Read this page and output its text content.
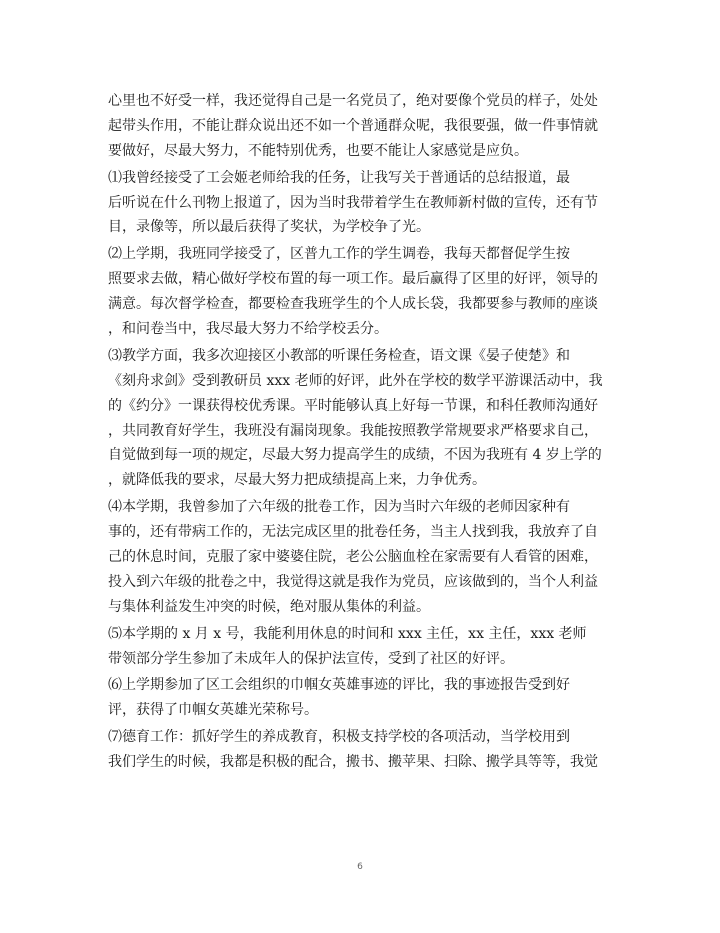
心里也不好受一样，我还觉得自己是一名党员了，绝对要像个党员的样子，处处
起带头作用，不能让群众说出还不如一个普通群众呢，我很要强，做一件事情就
要做好，尽最大努力，不能特别优秀，也要不能让人家感觉是应负。
⑴我曾经接受了工会姬老师给我的任务，让我写关于普通话的总结报道，最
后听说在什么刊物上报道了，因为当时我带着学生在教师新村做的宣传，还有节
目，录像等，所以最后获得了奖状，为学校争了光。
⑵上学期，我班同学接受了，区普九工作的学生调卷，我每天都督促学生按
照要求去做，精心做好学校布置的每一项工作。最后赢得了区里的好评，领导的
满意。每次督学检查，都要检查我班学生的个人成长袋，我都要参与教师的座谈
，和问卷当中，我尽最大努力不给学校丢分。
⑶教学方面，我多次迎接区小教部的听课任务检查，语文课《晏子使楚》和
《刻舟求剑》受到教研员 xxx 老师的好评，此外在学校的数学平游课活动中，我
的《约分》一课获得校优秀课。平时能够认真上好每一节课，和科任教师沟通好
，共同教育好学生，我班没有漏岗现象。我能按照教学常规要求严格要求自己，
自觉做到每一项的规定，尽最大努力提高学生的成绩，不因为我班有 4 岁上学的
，就降低我的要求，尽最大努力把成绩提高上来，力争优秀。
⑷本学期，我曾参加了六年级的批卷工作，因为当时六年级的老师因家种有
事的，还有带病工作的，无法完成区里的批卷任务，当主人找到我，我放弃了自
己的休息时间，克服了家中婆婆住院，老公公脑血栓在家需要有人看管的困难，
投入到六年级的批卷之中，我觉得这就是我作为党员，应该做到的，当个人利益
与集体利益发生冲突的时候，绝对服从集体的利益。
⑸本学期的 x 月 x 号，我能利用休息的时间和 xxx 主任，xx 主任，xxx 老师
带领部分学生参加了未成年人的保护法宣传，受到了社区的好评。
⑹上学期参加了区工会组织的巾帼女英雄事迹的评比，我的事迹报告受到好
评，获得了巾帼女英雄光荣称号。
⑺德育工作：抓好学生的养成教育，积极支持学校的各项活动，当学校用到
我们学生的时候，我都是积极的配合，搬书、搬苹果、扫除、搬学具等等，我觉
6
